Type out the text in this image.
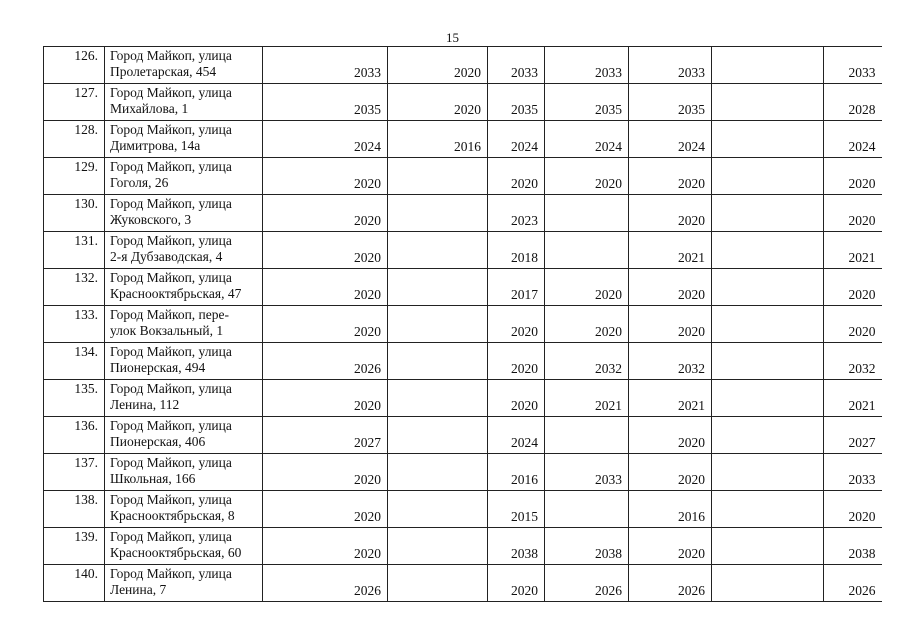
15
126.	Город Майкоп, улица
Пролетарская, 454	2033	2020	2033	2033	2033		2033
127.	Город Майкоп, улица
Михайлова, 1	2035	2020	2035	2035	2035		2028
128.	Город Майкоп, улица
Димитрова, 14а	2024	2016	2024	2024	2024		2024
129.	Город Майкоп, улица
Гоголя, 26	2020		2020	2020	2020		2020
130.	Город Майкоп, улица
Жуковского, 3	2020		2023		2020		2020
131.	Город Майкоп, улица
2-я Дубзаводская, 4	2020		2018		2021		2021
132.	Город Майкоп, улица
Краснооктябрьская, 47	2020		2017	2020	2020		2020
133.	Город Майкоп, пере-
улок Вокзальный, 1	2020		2020	2020	2020		2020
134.	Город Майкоп, улица
Пионерская, 494	2026		2020	2032	2032		2032
135.	Город Майкоп, улица
Ленина, 112	2020		2020	2021	2021		2021
136.	Город Майкоп, улица
Пионерская, 406	2027		2024		2020		2027
137.	Город Майкоп, улица
Школьная, 166	2020		2016	2033	2020		2033
138.	Город Майкоп, улица
Краснооктябрьская, 8	2020		2015		2016		2020
139.	Город Майкоп, улица
Краснооктябрьская, 60	2020		2038	2038	2020		2038
140.	Город Майкоп, улица
Ленина, 7	2026		2020	2026	2026		2026
